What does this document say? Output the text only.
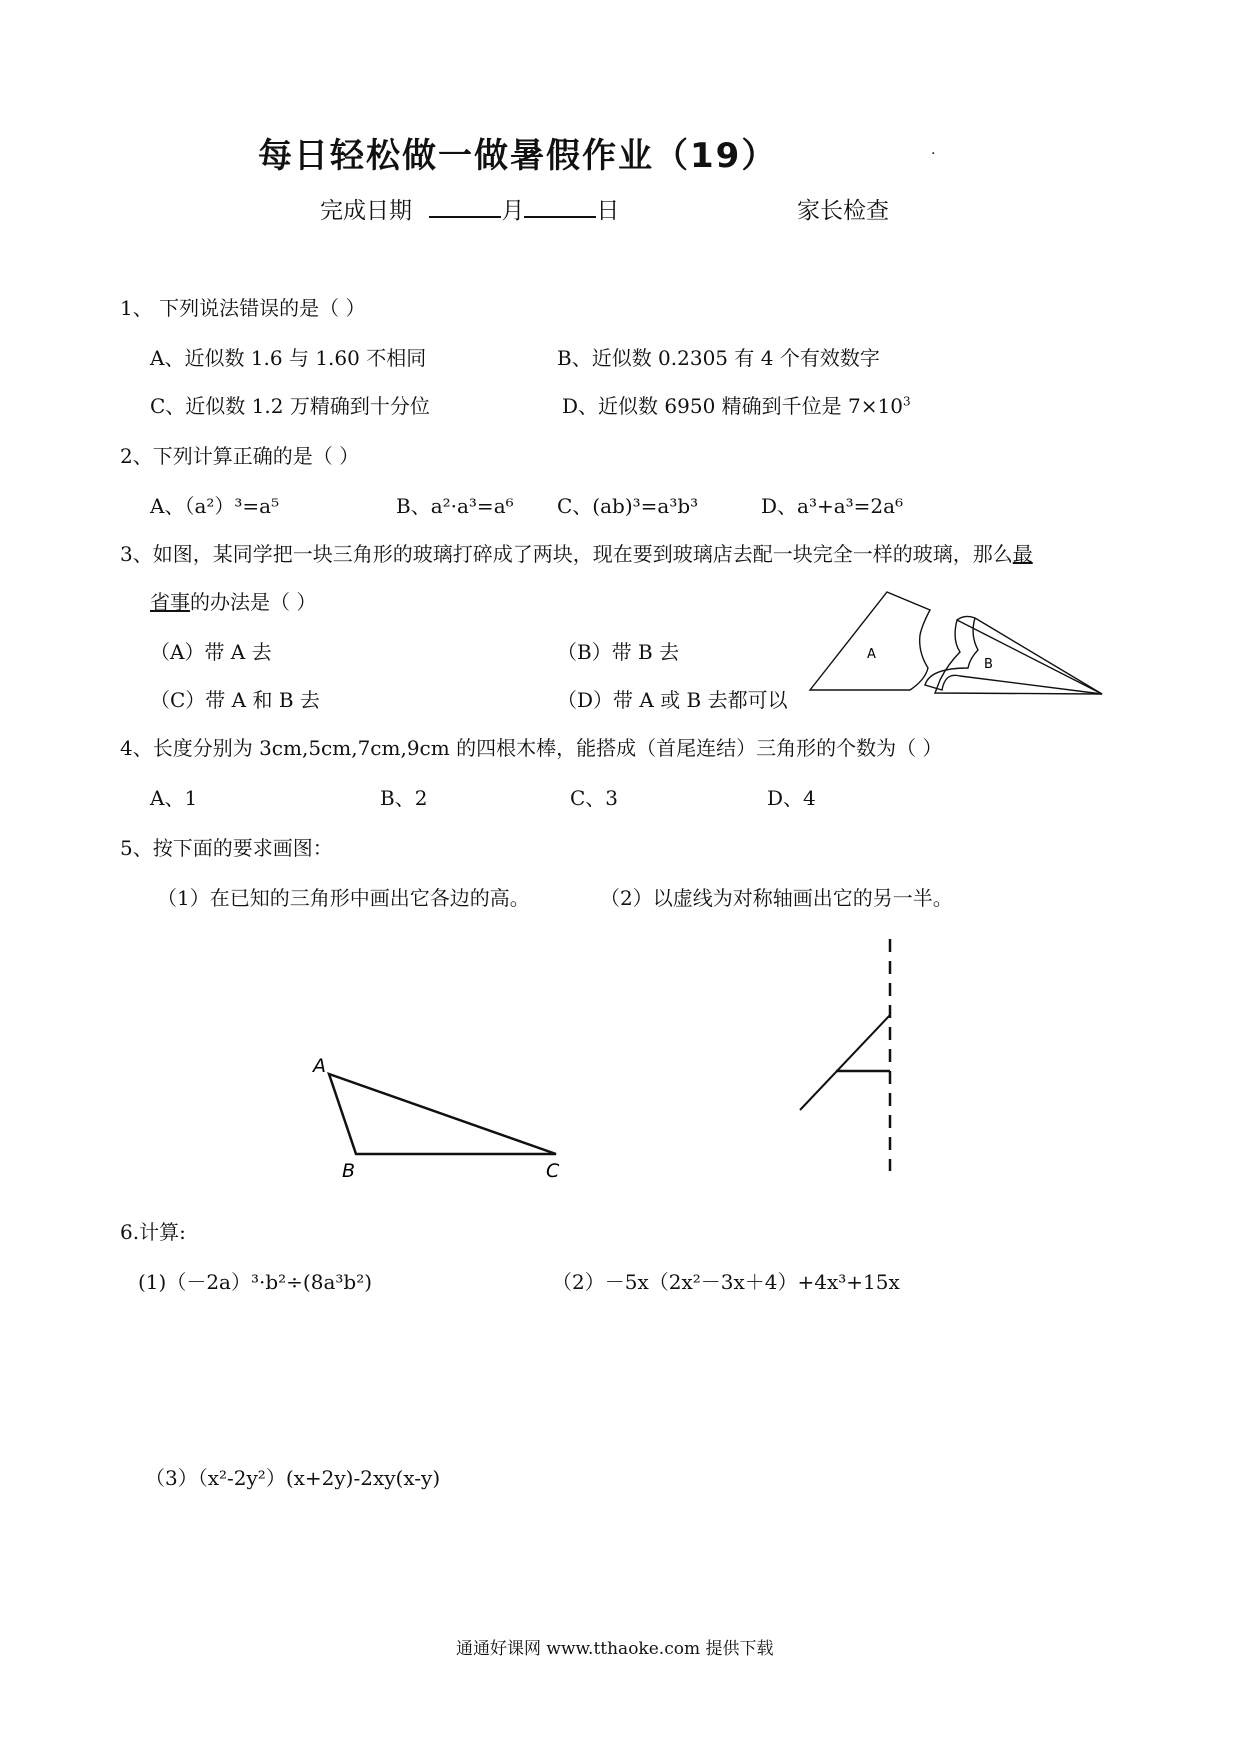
每日轻松做一做暑假作业（19）	.
完成日期	月	日	家长检查
1、 下列说法错误的是（ ）
A、近似数 1.6 与 1.60 不相同	B、近似数 0.2305 有 4 个有效数字
C、近似数 1.2 万精确到十分位	D、近似数 6950 精确到千位是 $7\times 10^3$
2、下列计算正确的是（ ）
A、（a²）³=a⁵	B、a²·a³=a⁶ C、(ab)³=a³b³	D、a³+a³=2a⁶
3、如图，某同学把一块三角形的玻璃打碎成了两块，现在要到玻璃店去配一块完全一样的玻璃，那么最
省事的办法是（ ）
（A）带 A 去	（B）带 B 去
（C）带 A 和 B 去	（D）带 A 或 B 去都可以
A
B
4、长度分别为 3cm,5cm,7cm,9cm 的四根木棒，能搭成（首尾连结）三角形的个数为（ ）
A、1	B、2	C、3	D、4
5、按下面的要求画图：
（1）在已知的三角形中画出它各边的高。	（2）以虚线为对称轴画出它的另一半。
A
B	C
6.计算:
(1)（－2a）³·b²÷(8a³b²)	（2）－5x（2x²－3x＋4）+4x³+15x
（3）（x²-2y²）(x+2y)-2xy(x-y)
通通好课网 www.tthaoke.com 提供下载
